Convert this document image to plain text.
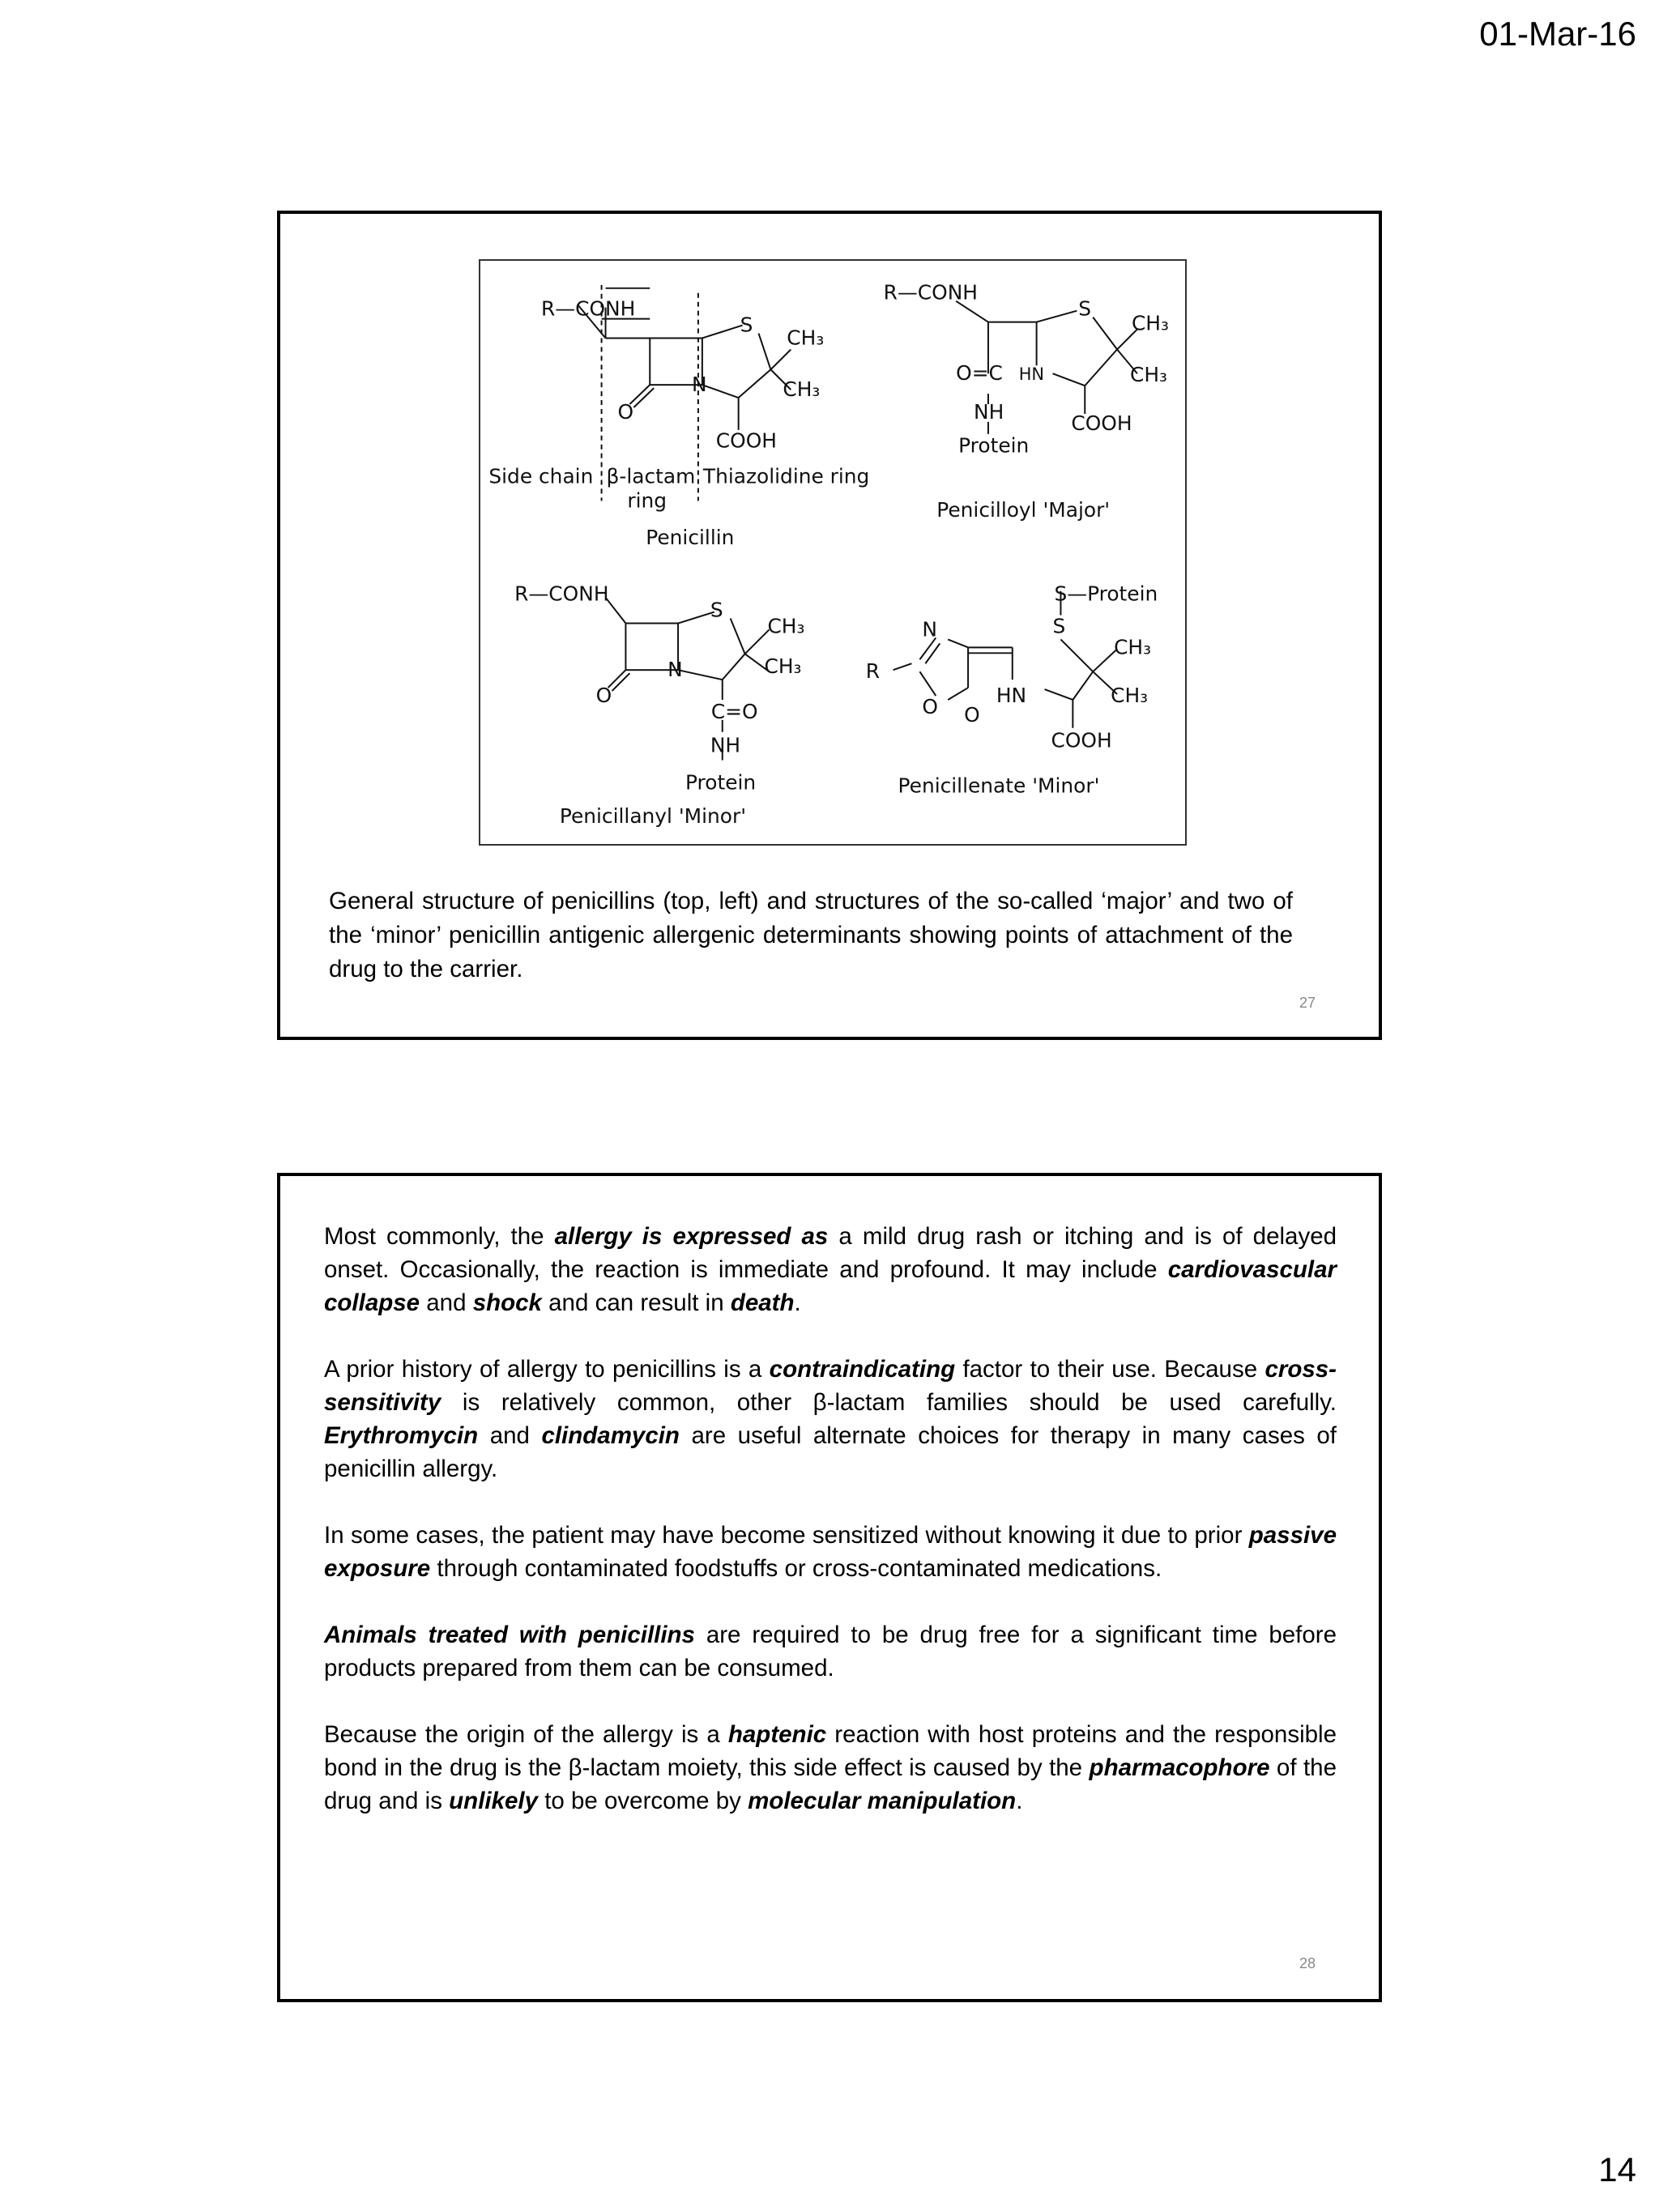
01-Mar-16
R—CONH
S
CH₃
CH₃
N
O
COOH
Side chain β-lactam
ring
Thiazolidine ring
Penicillin
R—CONH
S
CH₃
CH₃
O=C HN
NH	COOH
Protein
Penicilloyl 'Major'
R—CONH
S
CH₃
CH₃
N
O
C=O
NH
Protein
Penicillanyl 'Minor'
S—Protein
S
CH₃
CH₃
N
R
O O
HN
COOH
Penicillenate 'Minor'
General structure of penicillins (top, left) and structures of the so-called ‘major’ and two of the ‘minor’ penicillin antigenic allergenic determinants showing points of attachment of the drug to the carrier.
27

Most commonly, the allergy is expressed as a mild drug rash or itching and is of delayed onset. Occasionally, the reaction is immediate and profound. It may include cardiovascular collapse and shock and can result in death.

A prior history of allergy to penicillins is a contraindicating factor to their use. Because cross-sensitivity is relatively common, other β-lactam families should be used carefully. Erythromycin and clindamycin are useful alternate choices for therapy in many cases of penicillin allergy.

In some cases, the patient may have become sensitized without knowing it due to prior passive exposure through contaminated foodstuffs or cross-contaminated medications.

Animals treated with penicillins are required to be drug free for a significant time before products prepared from them can be consumed.

Because the origin of the allergy is a haptenic reaction with host proteins and the responsible bond in the drug is the β-lactam moiety, this side effect is caused by the pharmacophore of the drug and is unlikely to be overcome by molecular manipulation.

28
14
